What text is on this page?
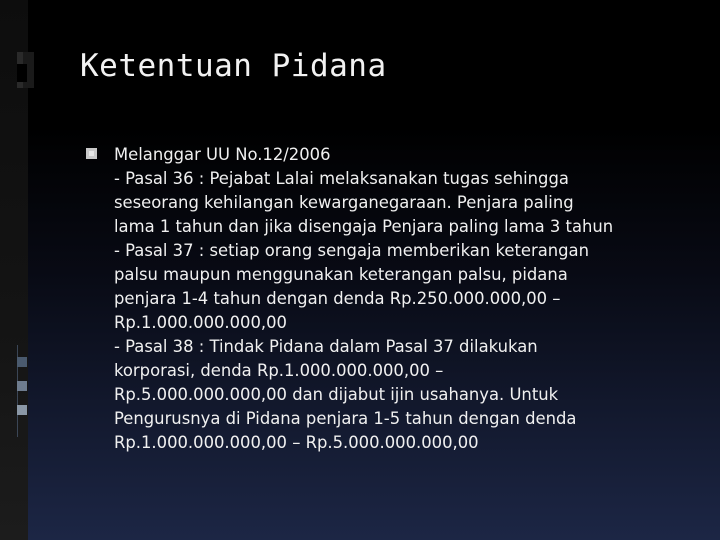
Ketentuan Pidana
Melanggar UU No.12/2006
- Pasal 36 : Pejabat Lalai melaksanakan tugas sehingga
seseorang kehilangan kewarganegaraan. Penjara paling
lama 1 tahun dan jika disengaja Penjara paling lama 3 tahun
- Pasal 37 : setiap orang sengaja memberikan keterangan
palsu maupun menggunakan keterangan palsu, pidana
penjara 1-4 tahun dengan denda Rp.250.000.000,00 –
Rp.1.000.000.000,00
- Pasal 38 : Tindak Pidana dalam Pasal 37 dilakukan
korporasi, denda Rp.1.000.000.000,00 –
Rp.5.000.000.000,00 dan dijabut ijin usahanya. Untuk
Pengurusnya di Pidana penjara 1-5 tahun dengan denda
Rp.1.000.000.000,00 – Rp.5.000.000.000,00
